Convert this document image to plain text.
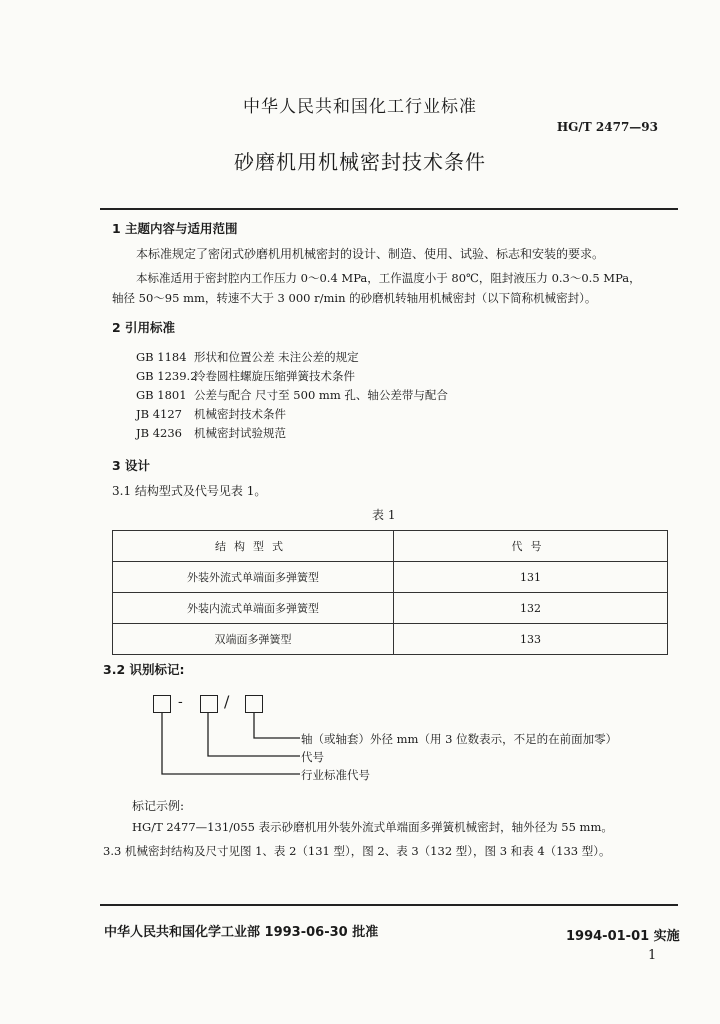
中华人民共和国化工行业标准
HG/T 2477—93
砂磨机用机械密封技术条件
1 主题内容与适用范围
本标准规定了密闭式砂磨机用机械密封的设计、制造、使用、试验、标志和安装的要求。
本标准适用于密封腔内工作压力 0～0.4 MPa，工作温度小于 80℃，阻封液压力 0.3～0.5 MPa，
轴径 50～95 mm，转速不大于 3 000 r/min 的砂磨机转轴用机械密封（以下简称机械密封）。
2 引用标准
GB 1184 形状和位置公差 未注公差的规定
GB 1239.2冷卷圆柱螺旋压缩弹簧技术条件
GB 1801 公差与配合 尺寸至 500 mm 孔、轴公差带与配合
JB 4127 机械密封技术条件
JB 4236 机械密封试验规范
3 设计
3.1 结构型式及代号见表 1。
表 1
结构型式	代号
外装外流式单端面多弹簧型	131
外装内流式单端面多弹簧型	132
双端面多弹簧型	133
3.2 识别标记:
-	/
轴（或轴套）外径 mm（用 3 位数表示，不足的在前面加零）
代号
行业标准代号
标记示例:
HG/T 2477—131/055 表示砂磨机用外装外流式单端面多弹簧机械密封，轴外径为 55 mm。
3.3 机械密封结构及尺寸见图 1、表 2（131 型），图 2、表 3（132 型），图 3 和表 4（133 型）。
中华人民共和国化学工业部 1993-06-30 批准	1994-01-01 实施
1
